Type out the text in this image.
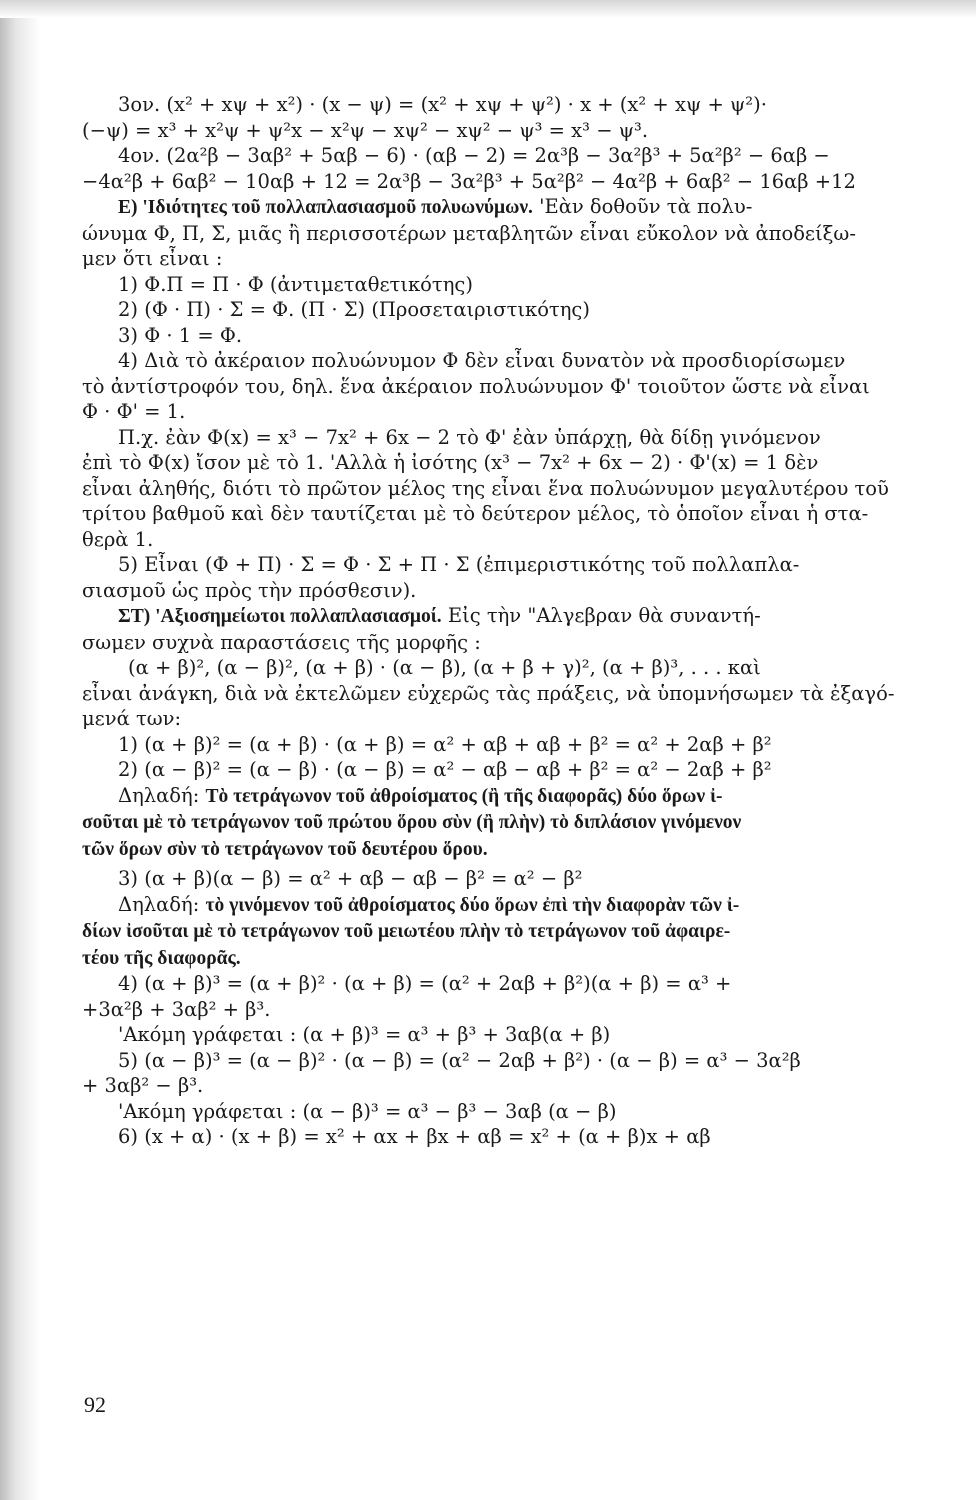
3ον. (x² + xψ + x²) · (x − ψ) = (x² + xψ + ψ²) · x + (x² + xψ + ψ²)·
(−ψ) = x³ + x²ψ + ψ²x − x²ψ − xψ² − xψ² − ψ³ = x³ − ψ³.
4ον. (2α²β − 3αβ² + 5αβ − 6) · (αβ − 2) = 2α³β − 3α²β³ + 5α²β² − 6αβ −
−4α²β + 6αβ² − 10αβ + 12 = 2α³β − 3α²β³ + 5α²β² − 4α²β + 6αβ² − 16αβ +12
Ε) 'Ιδιότητες τοῦ πολλαπλασιασμοῦ πολυωνύμων. 'Εὰν δοθοῦν τὰ πολυ-
ώνυμα Φ, Π, Σ, μιᾶς ἢ περισσοτέρων μεταβλητῶν εἶναι εὔκολον νὰ ἀποδείξω-
μεν ὅτι εἶναι :
1) Φ.Π = Π · Φ (ἀντιμεταθετικότης)
2) (Φ · Π) · Σ = Φ. (Π · Σ) (Προσεταιριστικότης)
3) Φ · 1 = Φ.
4) Διὰ τὸ ἀκέραιον πολυώνυμον Φ δὲν εἶναι δυνατὸν νὰ προσδιορίσωμεν
τὸ ἀντίστροφόν του, δηλ. ἕνα ἀκέραιον πολυώνυμον Φ' τοιοῦτον ὥστε νὰ εἶναι
Φ · Φ' = 1.
Π.χ. ἐὰν Φ(x) = x³ − 7x² + 6x − 2 τὸ Φ' ἐὰν ὑπάρχῃ, θὰ δίδῃ γινόμενον
ἐπὶ τὸ Φ(x) ἴσον μὲ τὸ 1. 'Αλλὰ ἡ ἰσότης (x³ − 7x² + 6x − 2) · Φ'(x) = 1 δὲν
εἶναι ἀληθής, διότι τὸ πρῶτον μέλος της εἶναι ἕνα πολυώνυμον μεγαλυτέρου τοῦ
τρίτου βαθμοῦ καὶ δὲν ταυτίζεται μὲ τὸ δεύτερον μέλος, τὸ ὁποῖον εἶναι ἡ στα-
θερὰ 1.
5) Εἶναι (Φ + Π) · Σ = Φ · Σ + Π · Σ (ἐπιμεριστικότης τοῦ πολλαπλα-
σιασμοῦ ὡς πρὸς τὴν πρόσθεσιν).
ΣΤ) 'Αξιοσημείωτοι πολλαπλασιασμοί. Εἰς τὴν "Αλγεβραν θὰ συναντή-
σωμεν συχνὰ παραστάσεις τῆς μορφῆς :
(α + β)², (α − β)², (α + β) · (α − β), (α + β + γ)², (α + β)³, . . . καὶ
εἶναι ἀνάγκη, διὰ νὰ ἐκτελῶμεν εὐχερῶς τὰς πράξεις, νὰ ὑπομνήσωμεν τὰ ἐξαγό-
μενά των:
1) (α + β)² = (α + β) · (α + β) = α² + αβ + αβ + β² = α² + 2αβ + β²
2) (α − β)² = (α − β) · (α − β) = α² − αβ − αβ + β² = α² − 2αβ + β²
Δηλαδή: Τὸ τετράγωνον τοῦ ἀθροίσματος (ἢ τῆς διαφορᾶς) δύο ὅρων ἰ-
σοῦται μὲ τὸ τετράγωνον τοῦ πρώτου ὅρου σὺν (ἢ πλὴν) τὸ διπλάσιον γινόμενον
τῶν ὅρων σὺν τὸ τετράγωνον τοῦ δευτέρου ὅρου.
3) (α + β)(α − β) = α² + αβ − αβ − β² = α² − β²
Δηλαδή: τὸ γινόμενον τοῦ ἀθροίσματος δύο ὅρων ἐπὶ τὴν διαφορὰν τῶν ἰ-
δίων ἰσοῦται μὲ τὸ τετράγωνον τοῦ μειωτέου πλὴν τὸ τετράγωνον τοῦ ἀφαιρε-
τέου τῆς διαφορᾶς.
4) (α + β)³ = (α + β)² · (α + β) = (α² + 2αβ + β²)(α + β) = α³ +
+3α²β + 3αβ² + β³.
'Ακόμη γράφεται : (α + β)³ = α³ + β³ + 3αβ(α + β)
5) (α − β)³ = (α − β)² · (α − β) = (α² − 2αβ + β²) · (α − β) = α³ − 3α²β
+ 3αβ² − β³.
'Ακόμη γράφεται : (α − β)³ = α³ − β³ − 3αβ (α − β)
6) (x + α) · (x + β) = x² + αx + βx + αβ = x² + (α + β)x + αβ
92
